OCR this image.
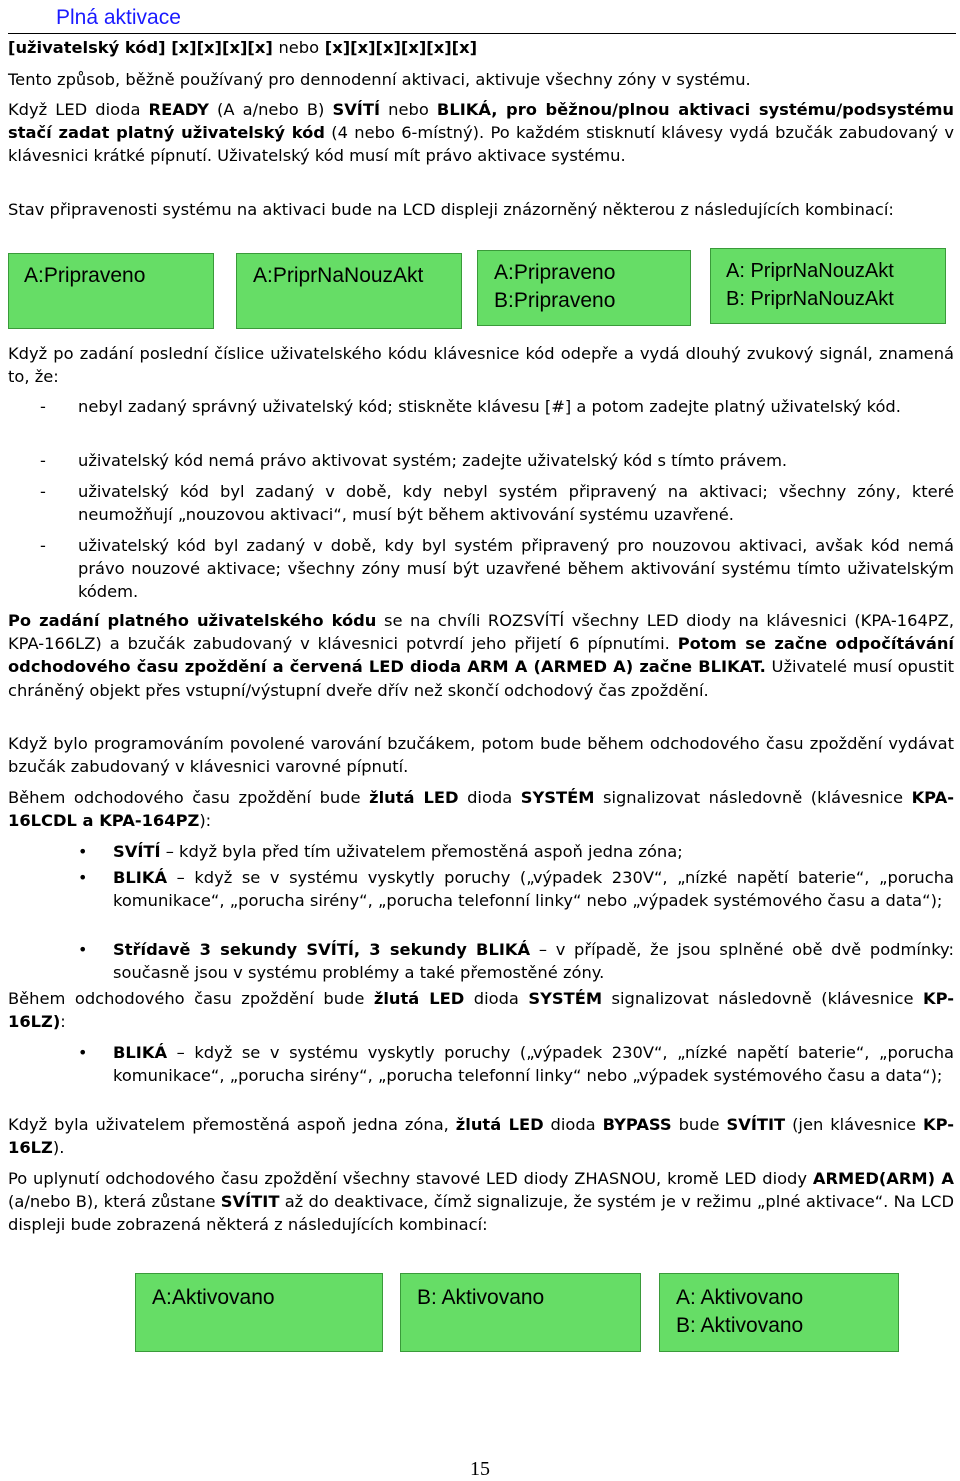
Plná aktivace

[uživatelský kód] [x][x][x][x] nebo [x][x][x][x][x][x]

Tento způsob, běžně používaný pro dennodenní aktivaci, aktivuje všechny zóny v systému.

Když LED dioda READY (A a/nebo B) SVÍTÍ nebo BLIKÁ, pro běžnou/plnou aktivaci systému/podsystému stačí zadat platný uživatelský kód (4 nebo 6-místný). Po každém stisknutí klávesy vydá bzučák zabudovaný v klávesnici krátké pípnutí. Uživatelský kód musí mít právo aktivace systému.

Stav připravenosti systému na aktivaci bude na LCD displeji znázorněný některou z následujících kombinací:

A:Pripraveno	A:PriprNaNouzAkt	A:Pripraveno
B:Pripraveno
A: PriprNaNouzAkt
B: PriprNaNouzAkt

Když po zadání poslední číslice uživatelského kódu klávesnice kód odepře a vydá dlouhý zvukový signál, znamená to, že:

- nebyl zadaný správný uživatelský kód; stiskněte klávesu [#] a potom zadejte platný uživatelský kód.

- uživatelský kód nemá právo aktivovat systém; zadejte uživatelský kód s tímto právem.

- uživatelský kód byl zadaný v době, kdy nebyl systém připravený na aktivaci; všechny zóny, které neumožňují „nouzovou aktivaci“, musí být během aktivování systému uzavřené.

- uživatelský kód byl zadaný v době, kdy byl systém připravený pro nouzovou aktivaci, avšak kód nemá právo nouzové aktivace; všechny zóny musí být uzavřené během aktivování systému tímto uživatelským kódem.

Po zadání platného uživatelského kódu se na chvíli ROZSVÍTÍ všechny LED diody na klávesnici (KPA-164PZ, KPA-166LZ) a bzučák zabudovaný v klávesnici potvrdí jeho přijetí 6 pípnutími. Potom se začne odpočítávání odchodového času zpoždění a červená LED dioda ARM A (ARMED A) začne BLIKAT. Uživatelé musí opustit chráněný objekt přes vstupní/výstupní dveře dřív než skončí odchodový čas zpoždění.

Když bylo programováním povolené varování bzučákem, potom bude během odchodového času zpoždění vydávat bzučák zabudovaný v klávesnici varovné pípnutí.

Během odchodového času zpoždění bude žlutá LED dioda SYSTÉM signalizovat následovně (klávesnice KPA-16LCDL a KPA-164PZ):

• SVÍTÍ – když byla před tím uživatelem přemostěná aspoň jedna zóna;

• BLIKÁ – když se v systému vyskytly poruchy („výpadek 230V“, „nízké napětí baterie“, „porucha komunikace“, „porucha sirény“, „porucha telefonní linky“ nebo „výpadek systémového času a data“);

• Střídavě 3 sekundy SVÍTÍ, 3 sekundy BLIKÁ – v případě, že jsou splněné obě dvě podmínky: současně jsou v systému problémy a také přemostěné zóny.

Během odchodového času zpoždění bude žlutá LED dioda SYSTÉM signalizovat následovně (klávesnice KP-16LZ):

• BLIKÁ – když se v systému vyskytly poruchy („výpadek 230V“, „nízké napětí baterie“, „porucha komunikace“, „porucha sirény“, „porucha telefonní linky“ nebo „výpadek systémového času a data“);

Když byla uživatelem přemostěná aspoň jedna zóna, žlutá LED dioda BYPASS bude SVÍTIT (jen klávesnice KP-16LZ).

Po uplynutí odchodového času zpoždění všechny stavové LED diody ZHASNOU, kromě LED diody ARMED(ARM) A (a/nebo B), která zůstane SVÍTIT až do deaktivace, čímž signalizuje, že systém je v režimu „plné aktivace“. Na LCD displeji bude zobrazená některá z následujících kombinací:

A:Aktivovano	B: Aktivovano	A: Aktivovano
B: Aktivovano
15
